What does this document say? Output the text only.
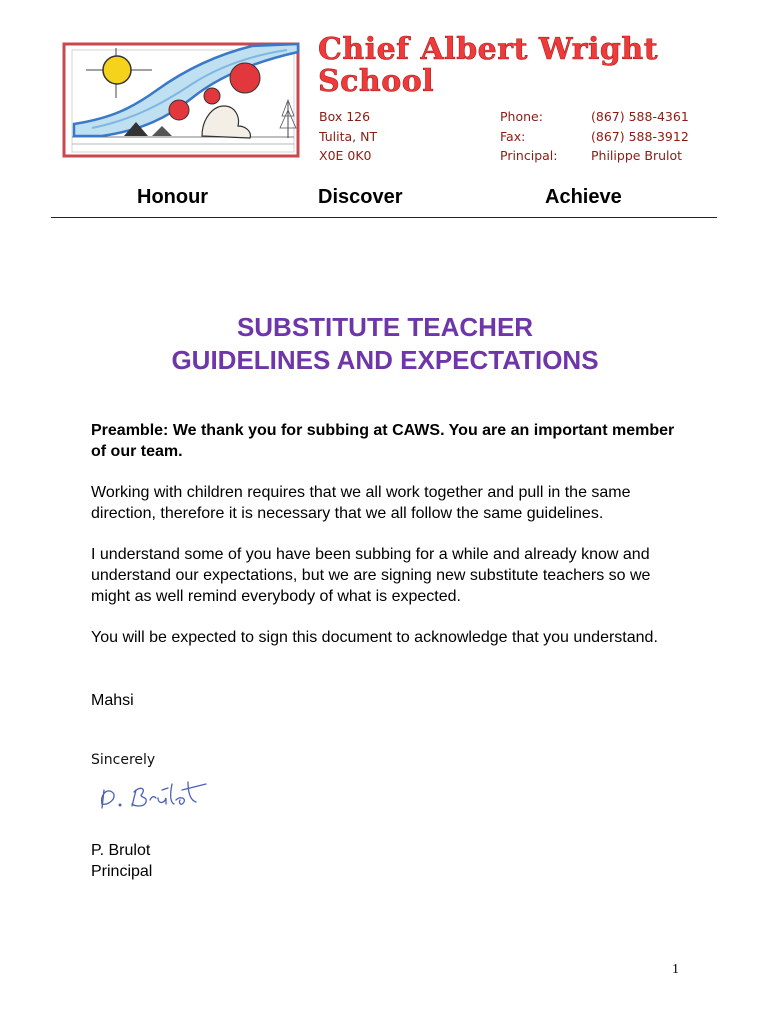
Chief Albert Wright School
Box 126
Tulita, NT
X0E 0K0
Phone:	(867) 588-4361
Fax:	(867) 588-3912
Principal:	Philippe Brulot
Honour	Discover	Achieve
SUBSTITUTE TEACHER
GUIDELINES AND EXPECTATIONS
Preamble: We thank you for subbing at CAWS. You are an important member of our team.
Working with children requires that we all work together and pull in the same direction, therefore it is necessary that we all follow the same guidelines.
I understand some of you have been subbing for a while and already know and understand our expectations, but we are signing new substitute teachers so we might as well remind everybody of what is expected.
You will be expected to sign this document to acknowledge that you understand.
Mahsi
Sincerely
P. Brulot
Principal
1
